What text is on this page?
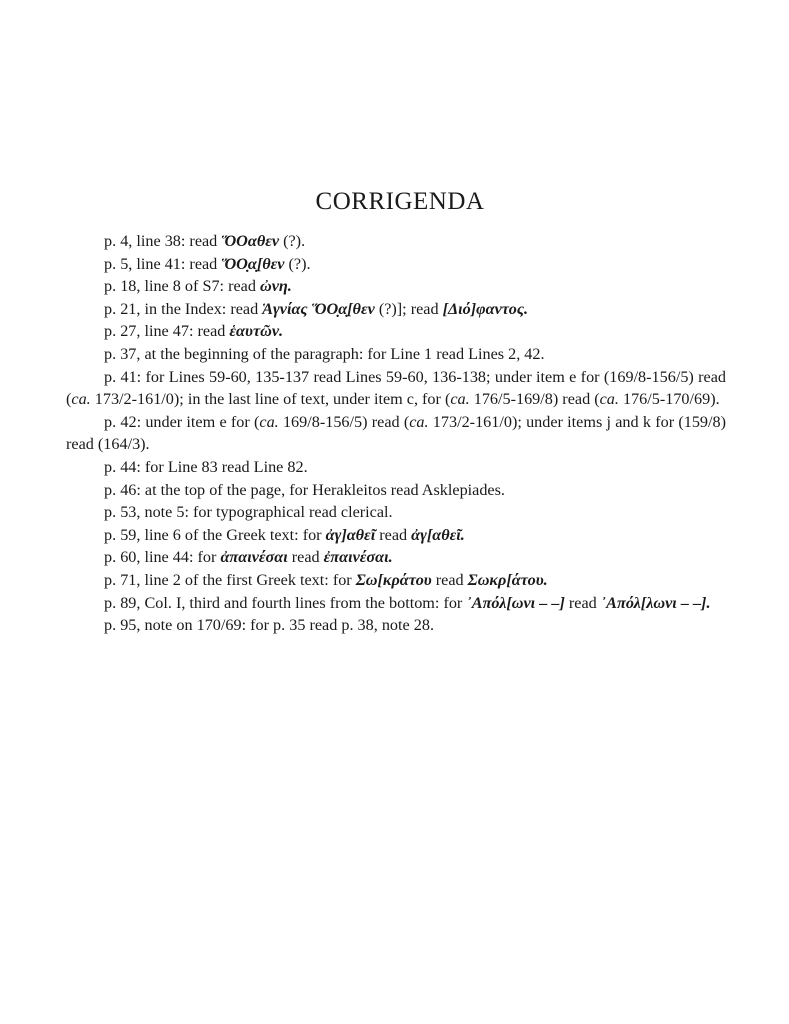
CORRIGENDA

p. 4, line 38: read ὍΟαθεν (?).

p. 5, line 41: read ὍΟ̣α̣[θεν (?).

p. 18, line 8 of S7: read ὠνη.

p. 21, in the Index: read Ἁγνίας ὍΟ̣α̣[θεν (?)]; read [Διό]φαντος.

p. 27, line 47: read ἑαυτῶν.

p. 37, at the beginning of the paragraph: for Line 1 read Lines 2, 42.

p. 41: for Lines 59-60, 135-137 read Lines 59-60, 136-138; under item e for (169/8-156/5) read (ca. 173/2-161/0); in the last line of text, under item c, for (ca. 176/5-169/8) read (ca. 176/5-170/69).

p. 42: under item e for (ca. 169/8-156/5) read (ca. 173/2-161/0); under items j and k for (159/8) read (164/3).

p. 44: for Line 83 read Line 82.

p. 46: at the top of the page, for Herakleitos read Asklepiades.

p. 53, note 5: for typographical read clerical.

p. 59, line 6 of the Greek text: for ἀγ]αθεῖ read ἀγ[αθεῖ.

p. 60, line 44: for ἀπαινέσαι read ἐπαινέσαι.

p. 71, line 2 of the first Greek text: for Σω[κράτου read Σωκρ[άτου.

p. 89, Col. I, third and fourth lines from the bottom: for ᾿Απόλ[ωνι – –] read ᾿Απόλ[λωνι – –].

p. 95, note on 170/69: for p. 35 read p. 38, note 28.
